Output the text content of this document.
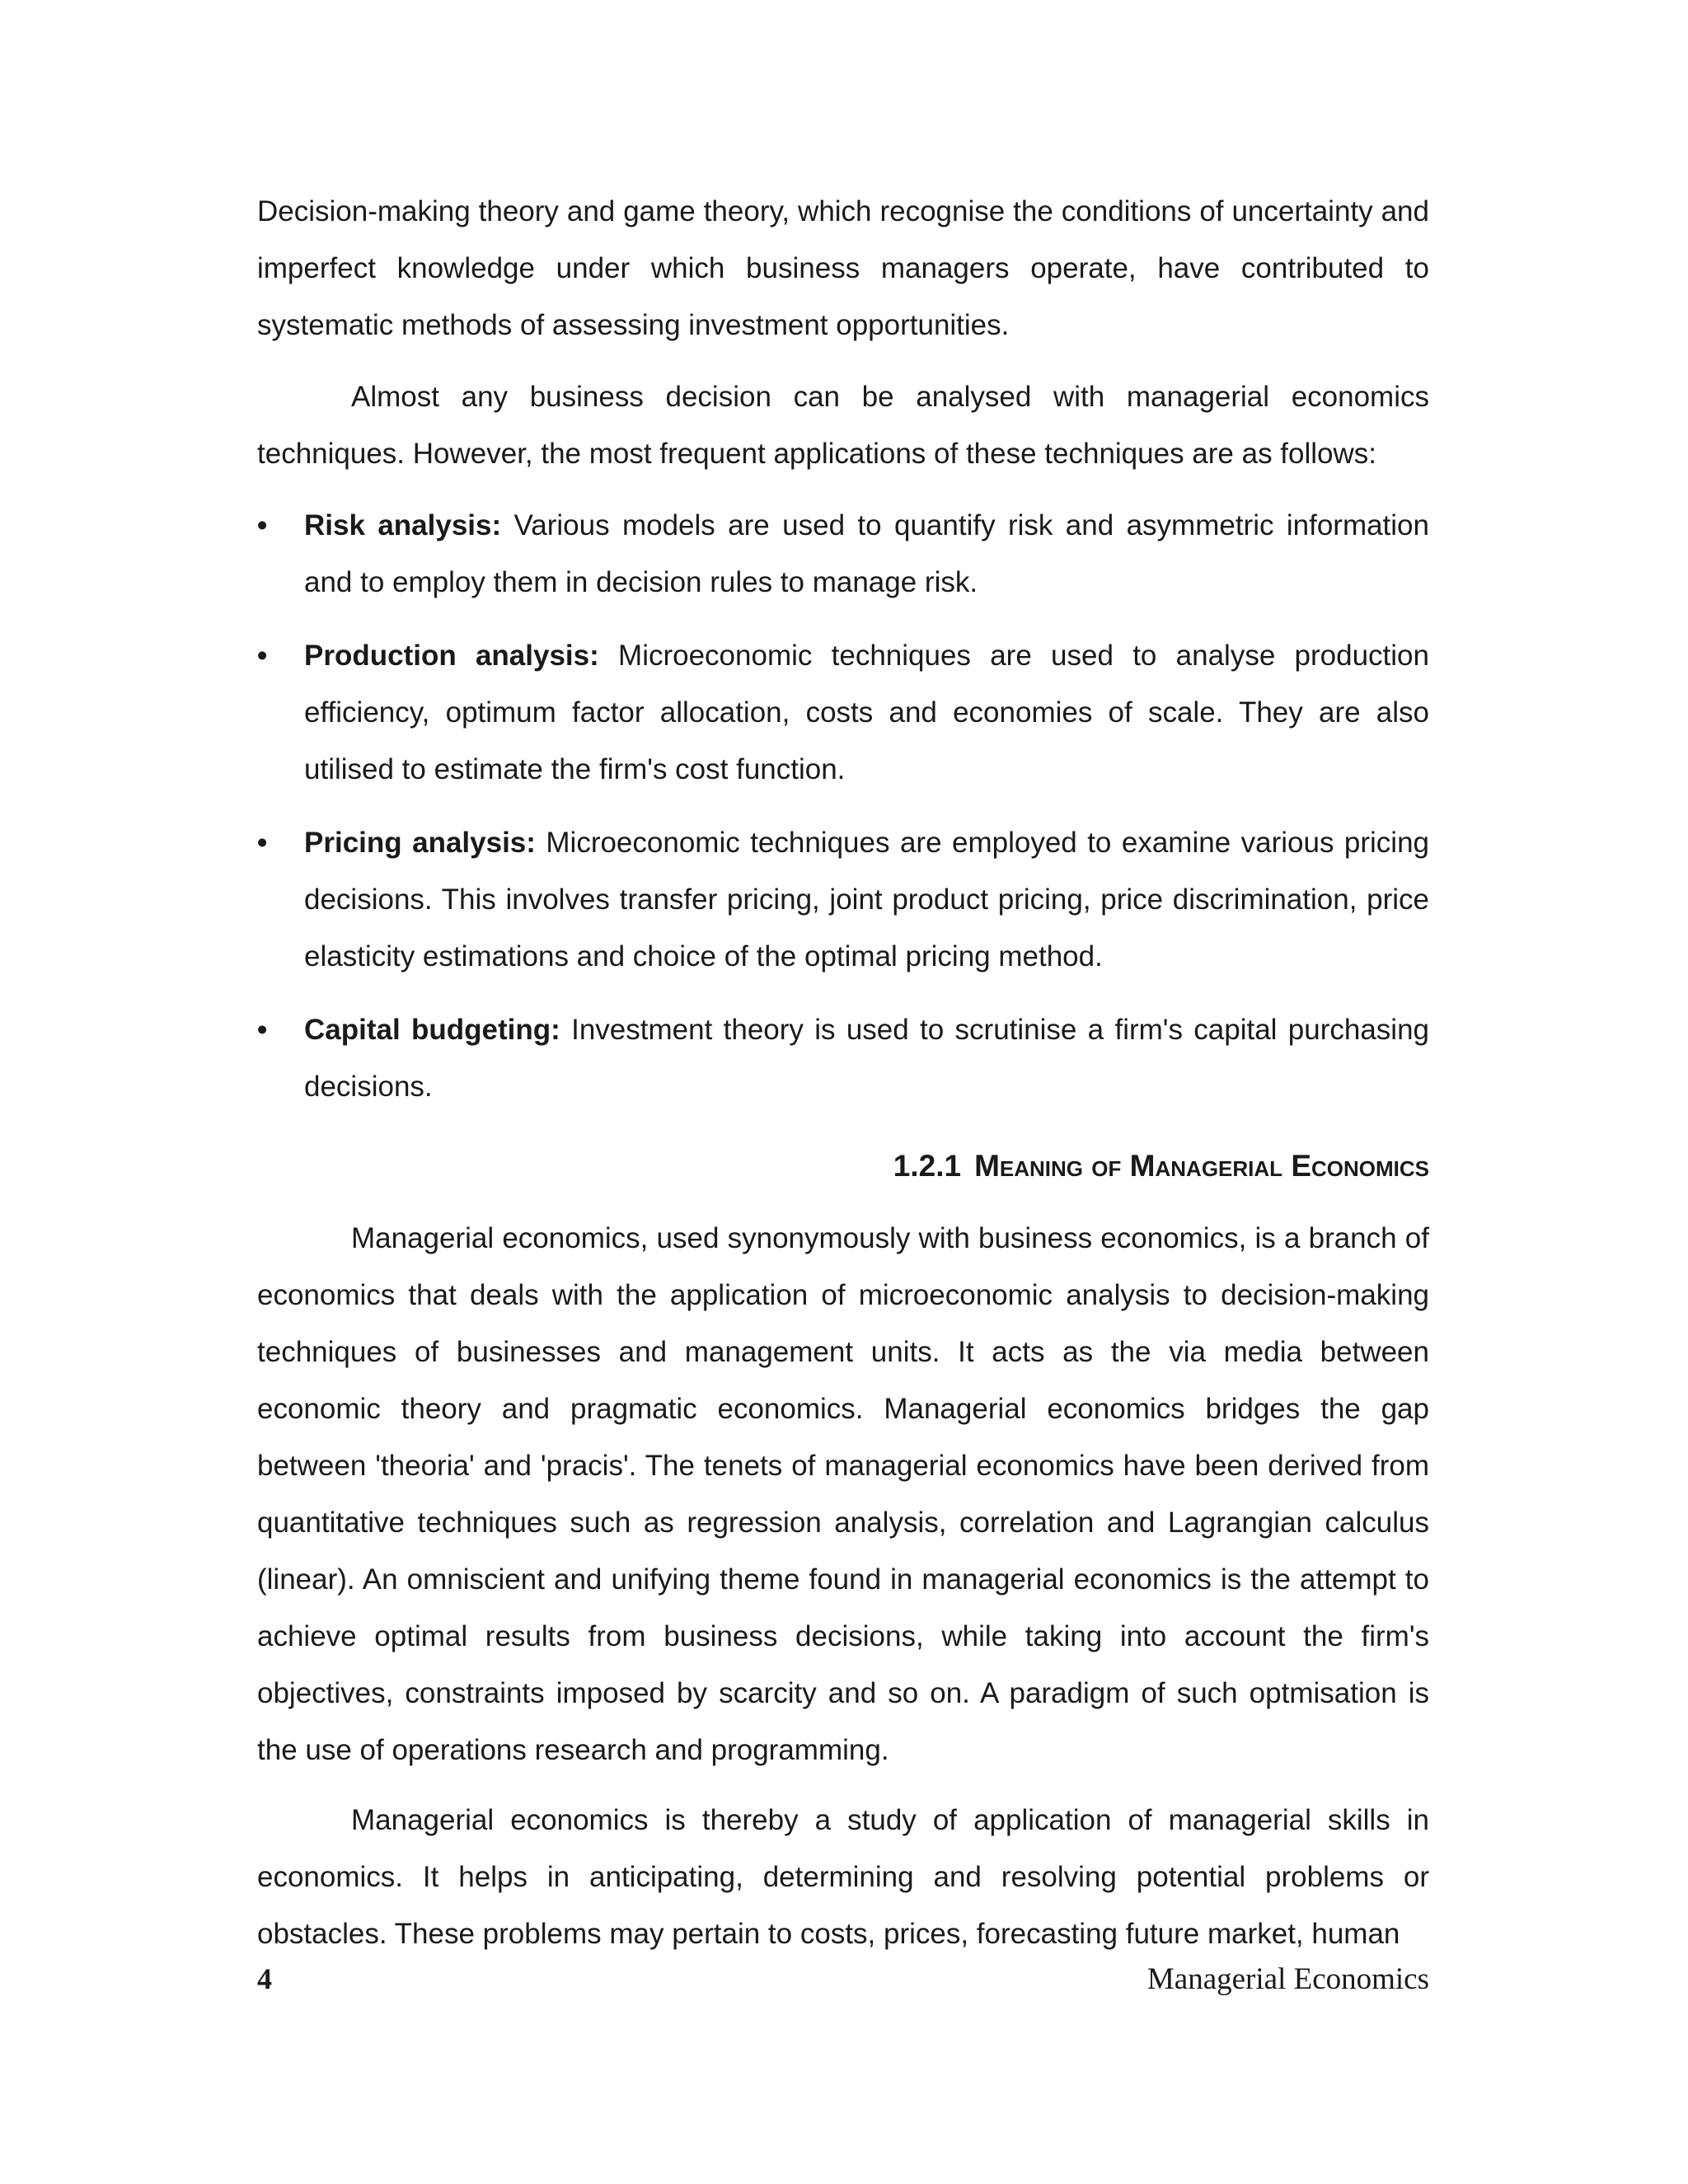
Decision-making theory and game theory, which recognise the conditions of uncertainty and imperfect knowledge under which business managers operate, have contributed to systematic methods of assessing investment opportunities.

Almost any business decision can be analysed with managerial economics techniques. However, the most frequent applications of these techniques are as follows:

•	Risk analysis: Various models are used to quantify risk and asymmetric information and to employ them in decision rules to manage risk.
•	Production analysis: Microeconomic techniques are used to analyse production efficiency, optimum factor allocation, costs and economies of scale. They are also utilised to estimate the firm's cost function.
•	Pricing analysis: Microeconomic techniques are employed to examine various pricing decisions. This involves transfer pricing, joint product pricing, price discrimination, price elasticity estimations and choice of the optimal pricing method.
•	Capital budgeting: Investment theory is used to scrutinise a firm's capital purchasing decisions.
1.2.1 Meaning of Managerial Economics

Managerial economics, used synonymously with business economics, is a branch of economics that deals with the application of microeconomic analysis to decision-making techniques of businesses and management units. It acts as the via media between economic theory and pragmatic economics. Managerial economics bridges the gap between 'theoria' and 'pracis'. The tenets of managerial economics have been derived from quantitative techniques such as regression analysis, correlation and Lagrangian calculus (linear). An omniscient and unifying theme found in managerial economics is the attempt to achieve optimal results from business decisions, while taking into account the firm's objectives, constraints imposed by scarcity and so on. A paradigm of such optmisation is the use of operations research and programming.

Managerial economics is thereby a study of application of managerial skills in economics. It helps in anticipating, determining and resolving potential problems or obstacles. These problems may pertain to costs, prices, forecasting future market, human

4	Managerial Economics
